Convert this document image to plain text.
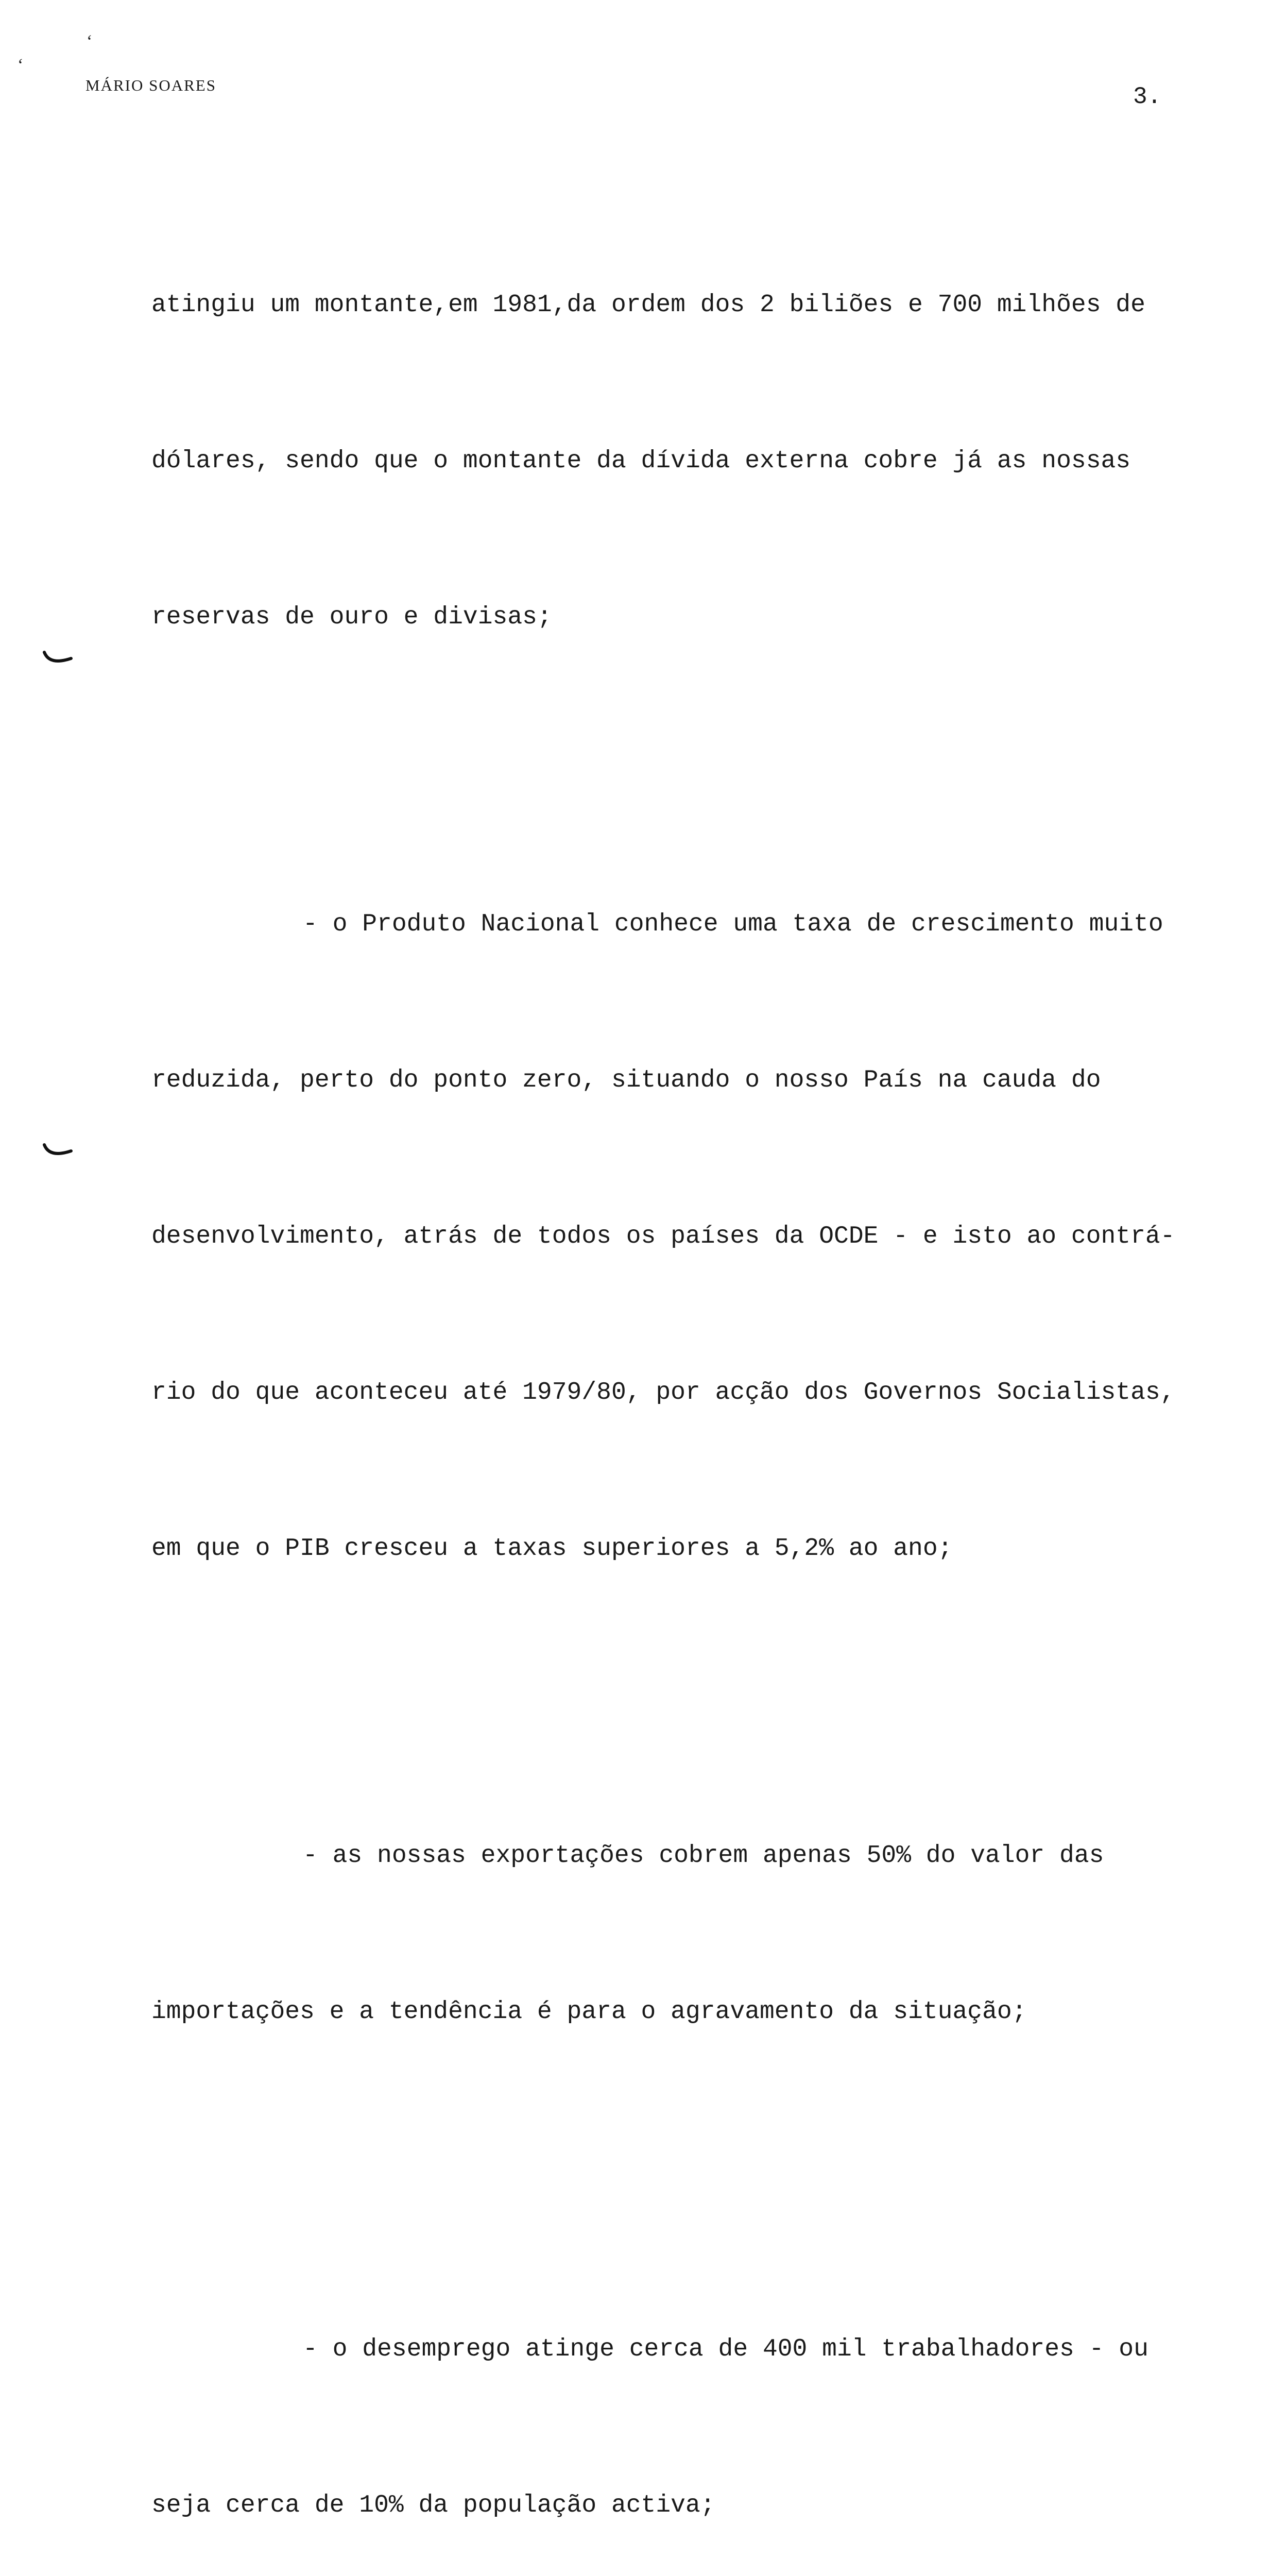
‘
‘
MÁRIO SOARES	3.

atingiu um montante,em 1981,da ordem dos 2 biliões e 700 milhões de

dólares, sendo que o montante da dívida externa cobre já as nossas

reservas de ouro e divisas;

- o Produto Nacional conhece uma taxa de crescimento muito

reduzida, perto do ponto zero, situando o nosso País na cauda do

desenvolvimento, atrás de todos os países da OCDE - e isto ao contrá-

rio do que aconteceu até 1979/80, por acção dos Governos Socialistas,

em que o PIB cresceu a taxas superiores a 5,2% ao ano;

- as nossas exportações cobrem apenas 50% do valor das

importações e a tendência é para o agravamento da situação;

- o desemprego atinge cerca de 400 mil trabalhadores - ou

seja cerca de 10% da população activa;
